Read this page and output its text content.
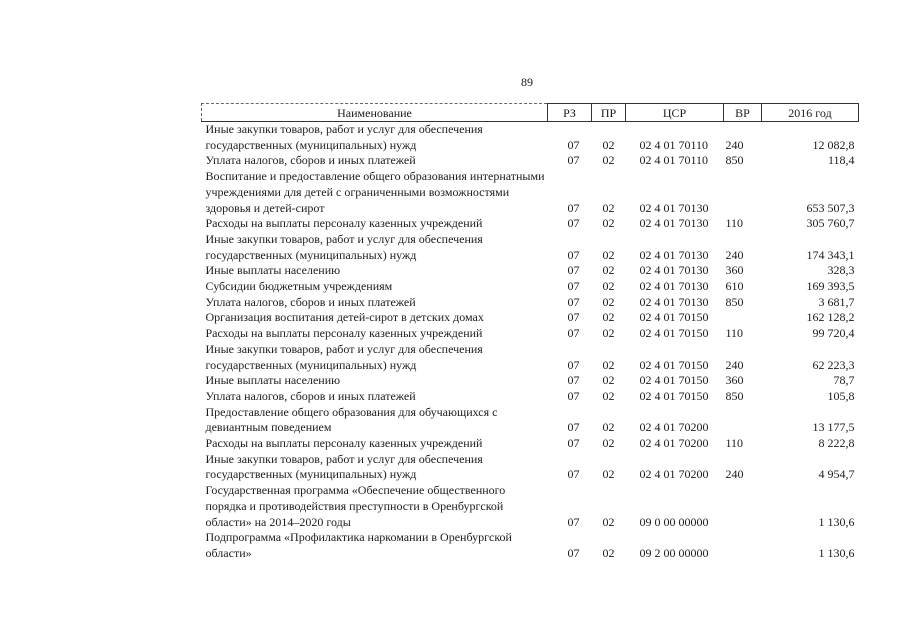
89
Наименование	РЗ	ПР	ЦСР	ВР	2016 год
Иные закупки товаров, работ и услуг для обеспечения государственных (муниципальных) нужд	07	02	02 4 01 70110	240	12 082,8
Уплата налогов, сборов и иных платежей	07	02	02 4 01 70110	850	118,4
Воспитание и предоставление общего образования интернатными учреждениями для детей с ограниченными возможностями здоровья и детей-сирот	07	02	02 4 01 70130		653 507,3
Расходы на выплаты персоналу казенных учреждений	07	02	02 4 01 70130	110	305 760,7
Иные закупки товаров, работ и услуг для обеспечения государственных (муниципальных) нужд	07	02	02 4 01 70130	240	174 343,1
Иные выплаты населению	07	02	02 4 01 70130	360	328,3
Субсидии бюджетным учреждениям	07	02	02 4 01 70130	610	169 393,5
Уплата налогов, сборов и иных платежей	07	02	02 4 01 70130	850	3 681,7
Организация воспитания детей-сирот в детских домах	07	02	02 4 01 70150		162 128,2
Расходы на выплаты персоналу казенных учреждений	07	02	02 4 01 70150	110	99 720,4
Иные закупки товаров, работ и услуг для обеспечения государственных (муниципальных) нужд	07	02	02 4 01 70150	240	62 223,3
Иные выплаты населению	07	02	02 4 01 70150	360	78,7
Уплата налогов, сборов и иных платежей	07	02	02 4 01 70150	850	105,8
Предоставление общего образования для обучающихся с девиантным поведением	07	02	02 4 01 70200		13 177,5
Расходы на выплаты персоналу казенных учреждений	07	02	02 4 01 70200	110	8 222,8
Иные закупки товаров, работ и услуг для обеспечения государственных (муниципальных) нужд	07	02	02 4 01 70200	240	4 954,7
Государственная программа «Обеспечение общественного порядка и противодействия преступности в Оренбургской области» на 2014–2020 годы	07	02	09 0 00 00000		1 130,6
Подпрограмма «Профилактика наркомании в Оренбургской области»	07	02	09 2 00 00000		1 130,6
